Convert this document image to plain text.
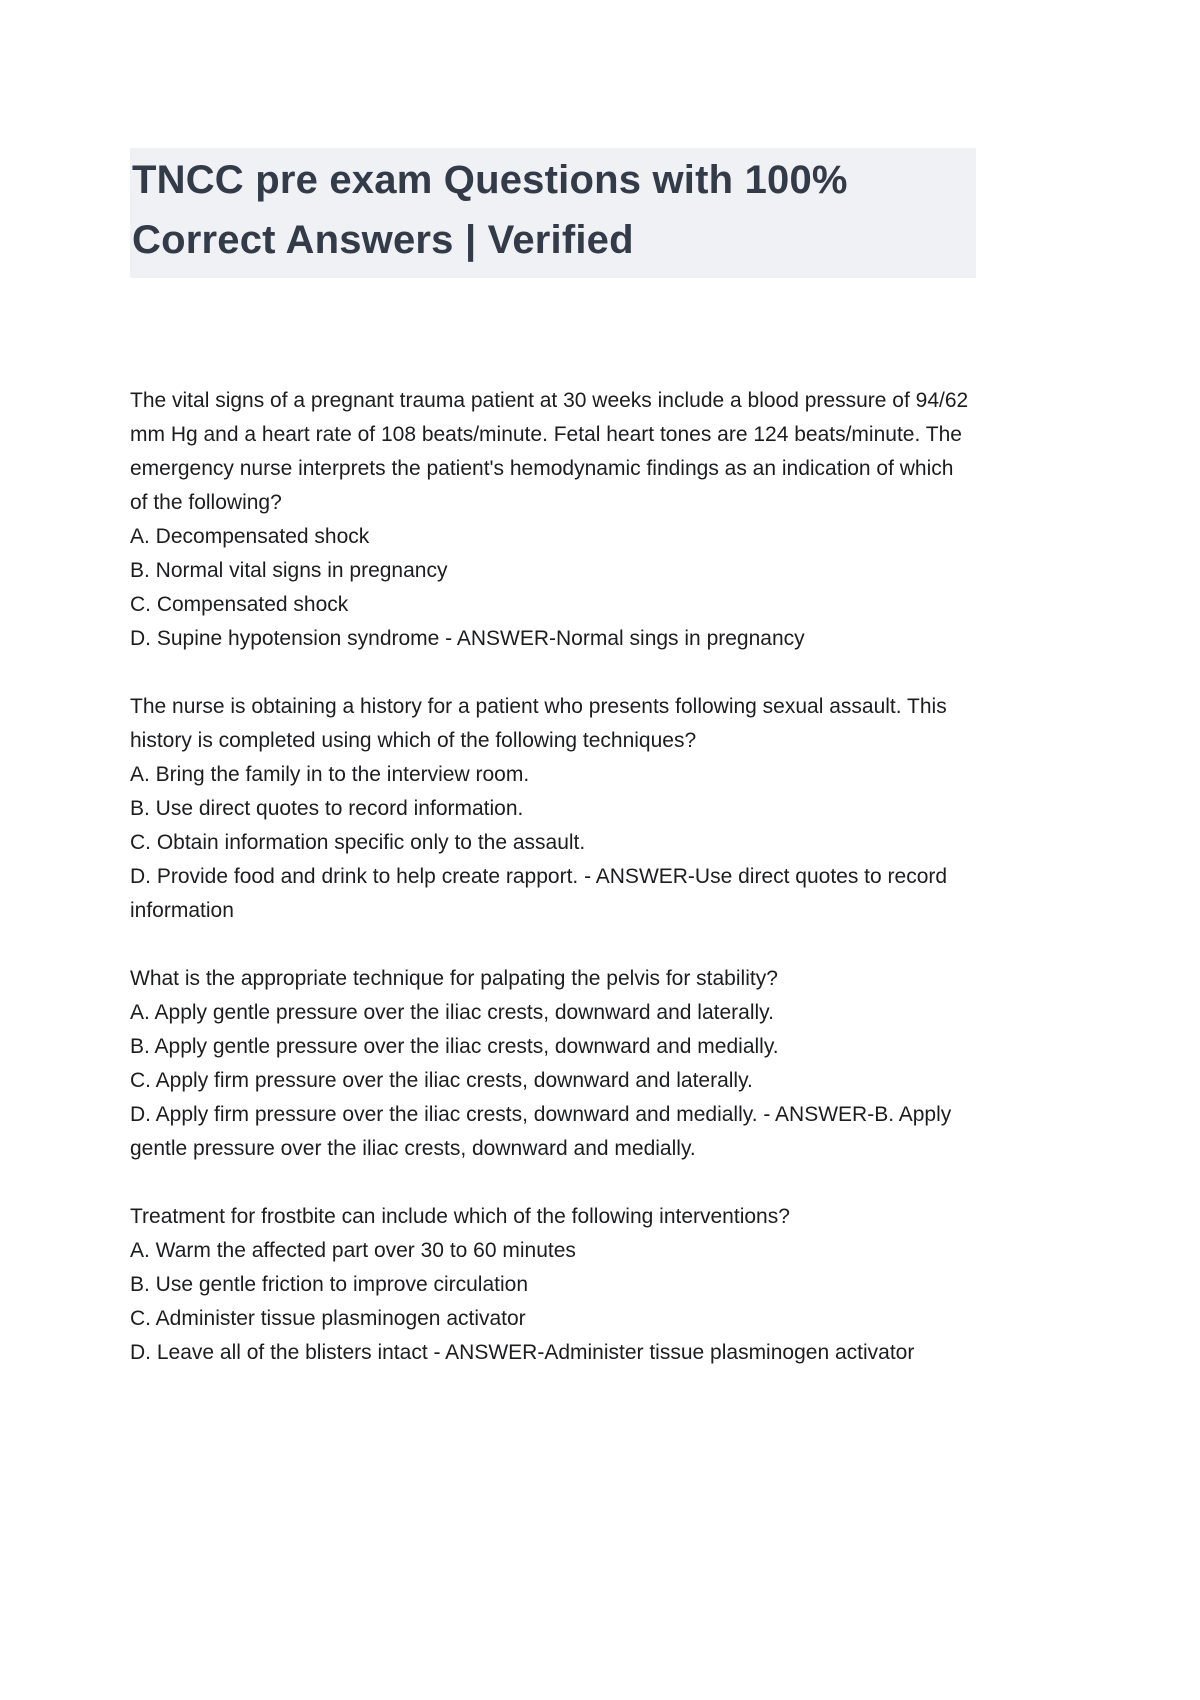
TNCC pre exam Questions with 100% Correct Answers | Verified

The vital signs of a pregnant trauma patient at 30 weeks include a blood pressure of 94/62 mm Hg and a heart rate of 108 beats/minute. Fetal heart tones are 124 beats/minute. The emergency nurse interprets the patient's hemodynamic findings as an indication of which of the following?

A. Decompensated shock

B. Normal vital signs in pregnancy

C. Compensated shock

D. Supine hypotension syndrome - ANSWER-Normal sings in pregnancy

The nurse is obtaining a history for a patient who presents following sexual assault. This history is completed using which of the following techniques?

A. Bring the family in to the interview room.

B. Use direct quotes to record information.

C. Obtain information specific only to the assault.

D. Provide food and drink to help create rapport. - ANSWER-Use direct quotes to record information

What is the appropriate technique for palpating the pelvis for stability?

A. Apply gentle pressure over the iliac crests, downward and laterally.

B. Apply gentle pressure over the iliac crests, downward and medially.

C. Apply firm pressure over the iliac crests, downward and laterally.

D. Apply firm pressure over the iliac crests, downward and medially. - ANSWER-B. Apply gentle pressure over the iliac crests, downward and medially.

Treatment for frostbite can include which of the following interventions?

A. Warm the affected part over 30 to 60 minutes

B. Use gentle friction to improve circulation

C. Administer tissue plasminogen activator

D. Leave all of the blisters intact - ANSWER-Administer tissue plasminogen activator
